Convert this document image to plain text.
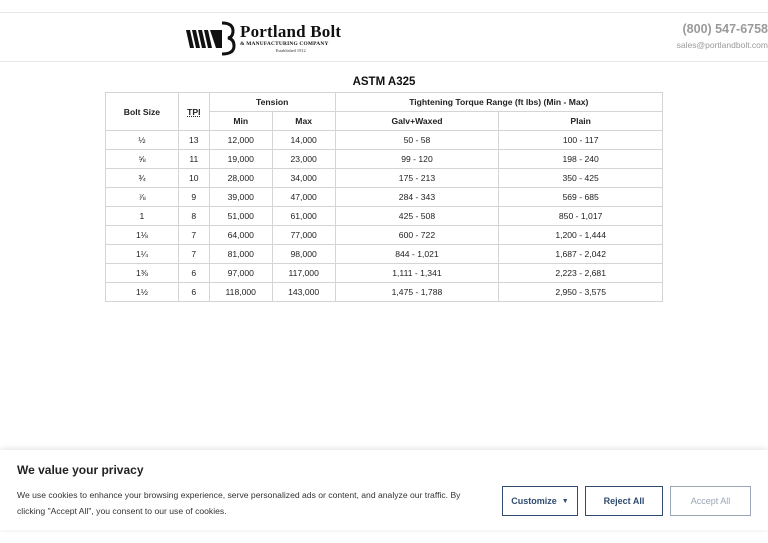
Portland Bolt
& MANUFACTURING COMPANY
Established 1912
(800) 547-6758
sales@portlandbolt.com
ASTM A325
Bolt Size	TPI	Tension		Tightening Torque Range (ft lbs) (Min - Max)	
		Min	Max	Galv+Waxed	Plain
½	13	12,000	14,000	50 - 58	100 - 117
⅝	11	19,000	23,000	99 - 120	198 - 240
¾	10	28,000	34,000	175 - 213	350 - 425
⅞	9	39,000	47,000	284 - 343	569 - 685
1	8	51,000	61,000	425 - 508	850 - 1,017
1⅛	7	64,000	77,000	600 - 722	1,200 - 1,444
1¼	7	81,000	98,000	844 - 1,021	1,687 - 2,042
1⅜	6	97,000	117,000	1,111 - 1,341	2,223 - 2,681
1½	6	118,000	143,000	1,475 - 1,788	2,950 - 3,575
We value your privacy
We use cookies to enhance your browsing experience, serve personalized ads or content, and analyze our traffic. By clicking "Accept All", you consent to our use of cookies.
Customize ▼	Reject All	Accept All
